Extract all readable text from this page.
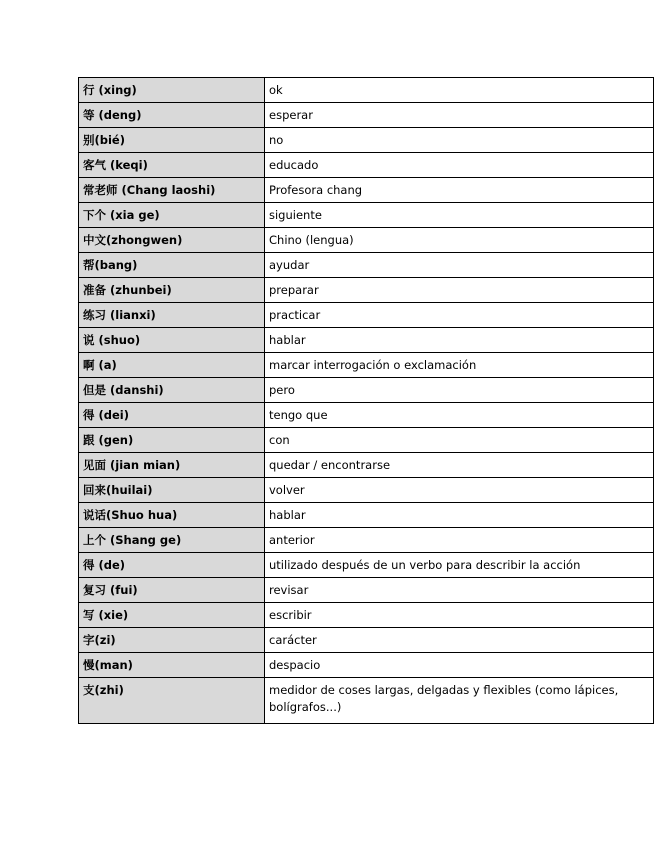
行 (xing)	ok
等 (deng)	esperar
别(bié)	no
客气 (keqi)	educado
常老师 (Chang laoshi)	Profesora chang
下个 (xia ge)	siguiente
中文(zhongwen)	Chino (lengua)
帮(bang)	ayudar
准备 (zhunbei)	preparar
练习 (lianxi)	practicar
说 (shuo)	hablar
啊 (a)	marcar interrogación o exclamación
但是 (danshi)	pero
得 (dei)	tengo que
跟 (gen)	con
见面 (jian mian)	quedar / encontrarse
回来(huilai)	volver
说话(Shuo hua)	hablar
上个 (Shang ge)	anterior
得 (de)	utilizado después de un verbo para describir la acción
复习 (fui)	revisar
写 (xie)	escribir
字(zi)	carácter
慢(man)	despacio
支(zhi)	medidor de coses largas, delgadas y flexibles (como lápices, bolígrafos...)
